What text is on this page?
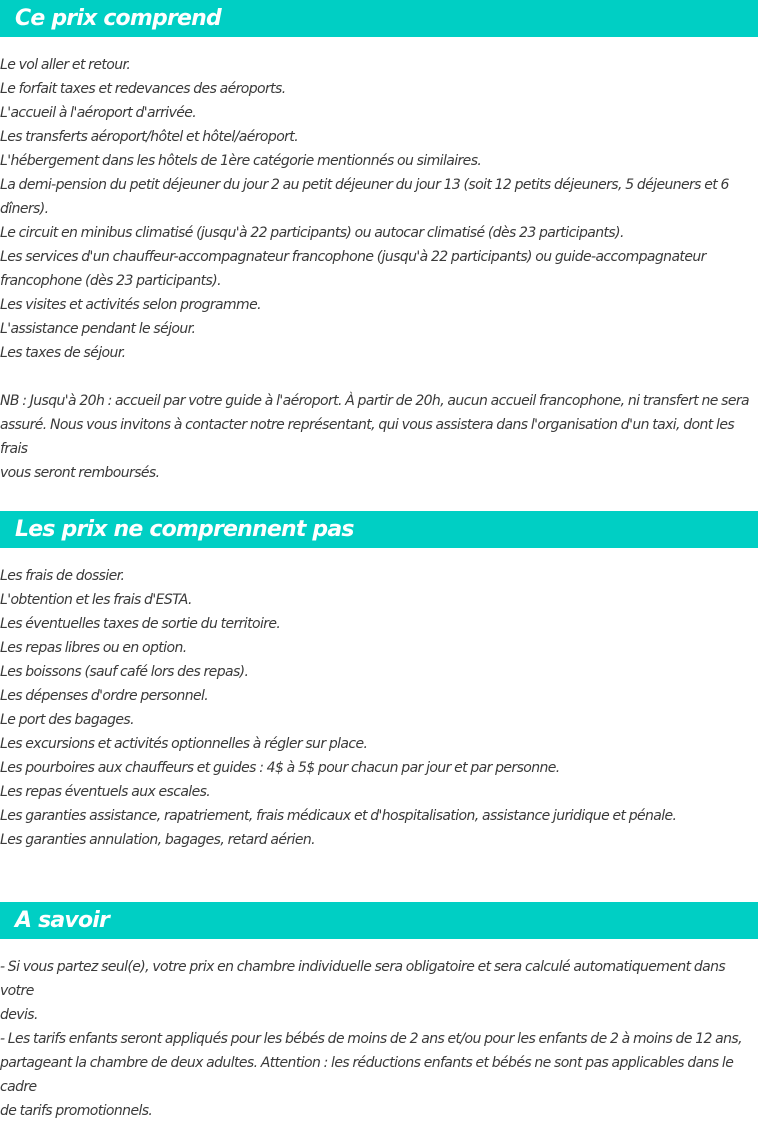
Ce prix comprend

Le vol aller et retour.

Le forfait taxes et redevances des aéroports.

L'accueil à l'aéroport d'arrivée.

Les transferts aéroport/hôtel et hôtel/aéroport.

L'hébergement dans les hôtels de 1ère catégorie mentionnés ou similaires.

La demi-pension du petit déjeuner du jour 2 au petit déjeuner du jour 13 (soit 12 petits déjeuners, 5 déjeuners et 6

dîners).

Le circuit en minibus climatisé (jusqu'à 22 participants) ou autocar climatisé (dès 23 participants).

Les services d'un chauffeur-accompagnateur francophone (jusqu'à 22 participants) ou guide-accompagnateur

francophone (dès 23 participants).

Les visites et activités selon programme.

L'assistance pendant le séjour.

Les taxes de séjour.

NB : Jusqu'à 20h : accueil par votre guide à l'aéroport. À partir de 20h, aucun accueil francophone, ni transfert ne sera

assuré. Nous vous invitons à contacter notre représentant, qui vous assistera dans l'organisation d'un taxi, dont les frais

vous seront remboursés.

Les prix ne comprennent pas

Les frais de dossier.

L'obtention et les frais d'ESTA.

Les éventuelles taxes de sortie du territoire.

Les repas libres ou en option.

Les boissons (sauf café lors des repas).

Les dépenses d'ordre personnel.

Le port des bagages.

Les excursions et activités optionnelles à régler sur place.

Les pourboires aux chauffeurs et guides : 4$ à 5$ pour chacun par jour et par personne.

Les repas éventuels aux escales.

Les garanties assistance, rapatriement, frais médicaux et d'hospitalisation, assistance juridique et pénale.

Les garanties annulation, bagages, retard aérien.

A savoir

- Si vous partez seul(e), votre prix en chambre individuelle sera obligatoire et sera calculé automatiquement dans votre

devis.

- Les tarifs enfants seront appliqués pour les bébés de moins de 2 ans et/ou pour les enfants de 2 à moins de 12 ans,

partageant la chambre de deux adultes. Attention : les réductions enfants et bébés ne sont pas applicables dans le cadre

de tarifs promotionnels.
